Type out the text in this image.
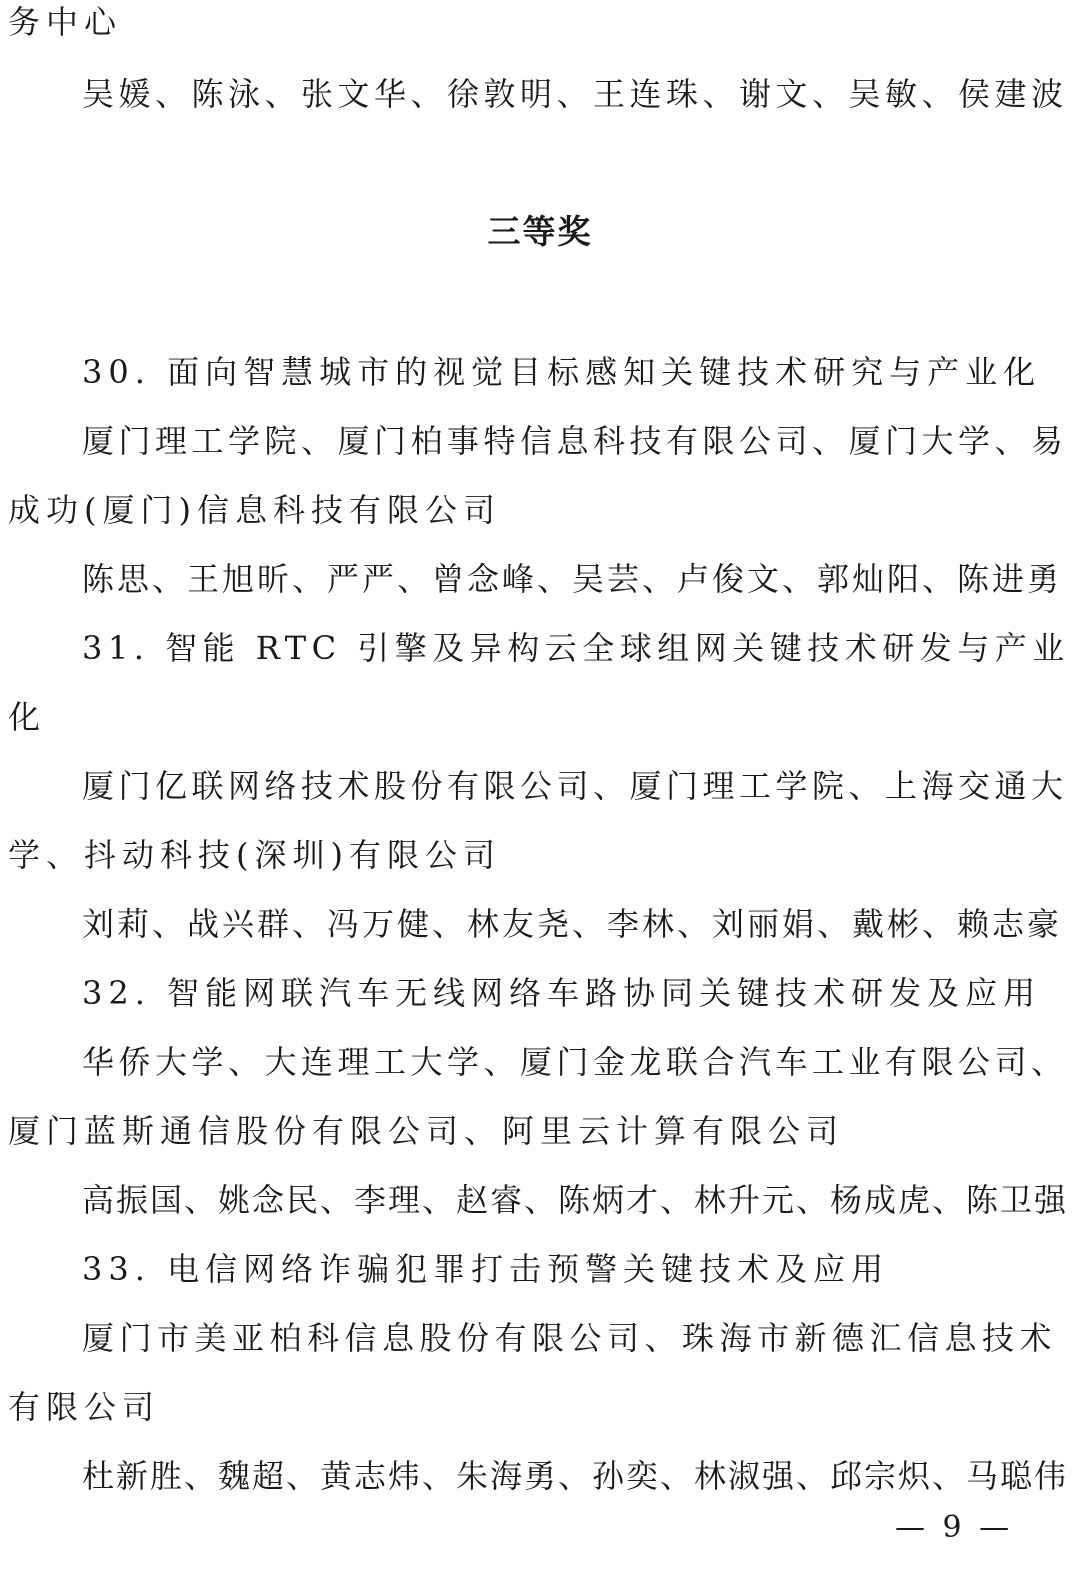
务中心
吴媛、陈泳、张文华、徐敦明、王连珠、谢文、吴敏、侯建波
三等奖
30. 面向智慧城市的视觉目标感知关键技术研究与产业化
厦门理工学院、厦门柏事特信息科技有限公司、厦门大学、易
成功(厦门)信息科技有限公司
陈思、王旭昕、严严、曾念峰、吴芸、卢俊文、郭灿阳、陈进勇
31. 智能 RTC 引擎及异构云全球组网关键技术研发与产业
化
厦门亿联网络技术股份有限公司、厦门理工学院、上海交通大
学、抖动科技(深圳)有限公司
刘莉、战兴群、冯万健、林友尧、李林、刘丽娟、戴彬、赖志豪
32. 智能网联汽车无线网络车路协同关键技术研发及应用
华侨大学、大连理工大学、厦门金龙联合汽车工业有限公司、
厦门蓝斯通信股份有限公司、阿里云计算有限公司
高振国、姚念民、李理、赵睿、陈炳才、林升元、杨成虎、陈卫强
33. 电信网络诈骗犯罪打击预警关键技术及应用
厦门市美亚柏科信息股份有限公司、珠海市新德汇信息技术
有限公司
杜新胜、魏超、黄志炜、朱海勇、孙奕、林淑强、邱宗炽、马聪伟
— 9 —
